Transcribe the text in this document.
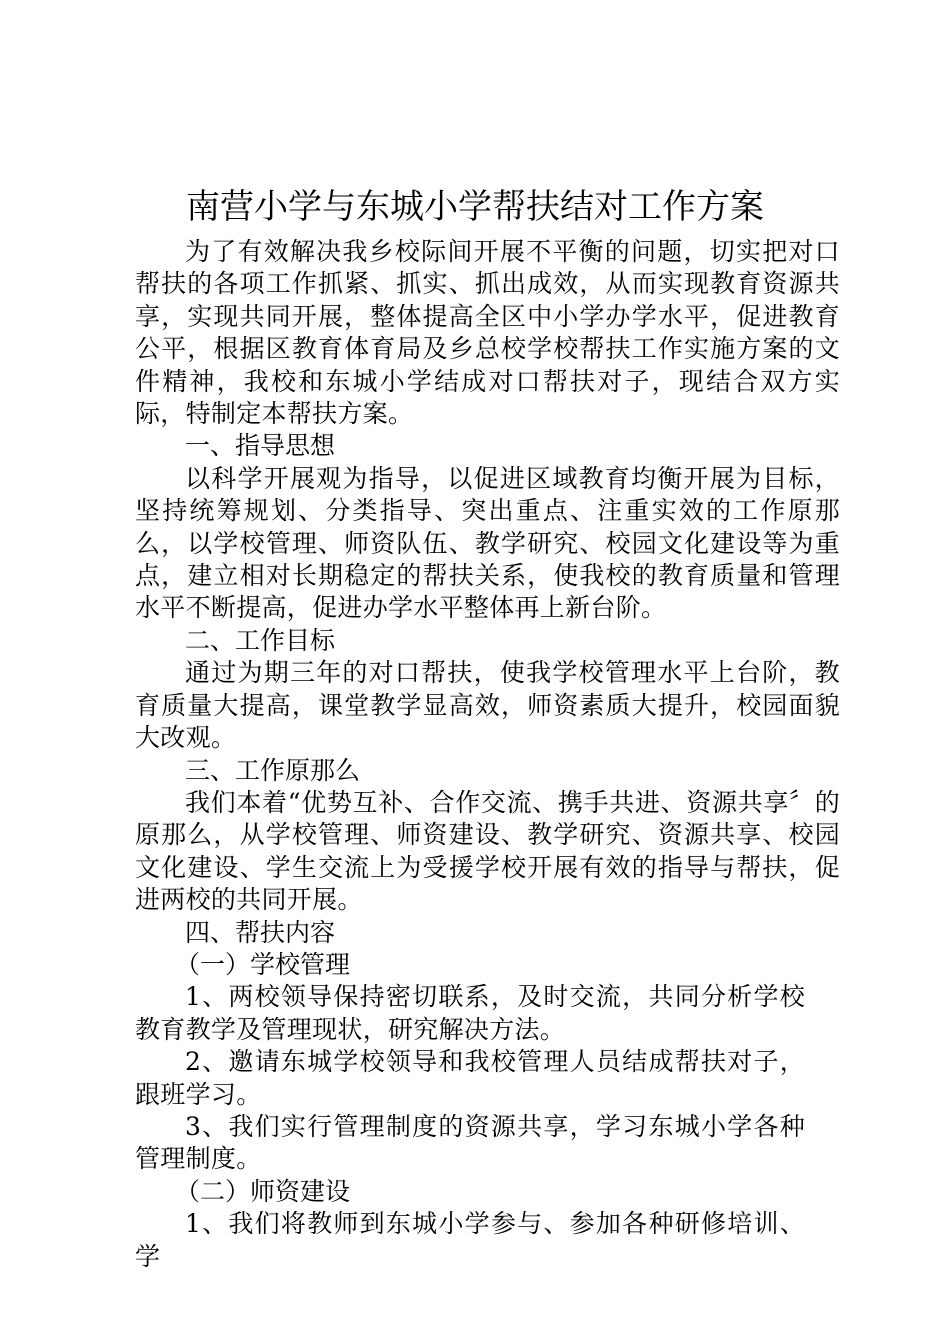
南营小学与东城小学帮扶结对工作方案

为了有效解决我乡校际间开展不平衡的问题，切实把对口帮扶的各项工作抓紧、抓实、抓出成效，从而实现教育资源共享，实现共同开展，整体提高全区中小学办学水平，促进教育公平，根据区教育体育局及乡总校学校帮扶工作实施方案的文件精神，我校和东城小学结成对口帮扶对子，现结合双方实际，特制定本帮扶方案。

一、指导思想

以科学开展观为指导，以促进区域教育均衡开展为目标，坚持统筹规划、分类指导、突出重点、注重实效的工作原那么，以学校管理、师资队伍、教学研究、校园文化建设等为重点，建立相对长期稳定的帮扶关系，使我校的教育质量和管理水平不断提高，促进办学水平整体再上新台阶。

二、工作目标

通过为期三年的对口帮扶，使我学校管理水平上台阶，教育质量大提高，课堂教学显高效，师资素质大提升，校园面貌大改观。

三、工作原那么

我们本着“优势互补、合作交流、携手共进、资源共享〞的原那么，从学校管理、师资建设、教学研究、资源共享、校园文化建设、学生交流上为受援学校开展有效的指导与帮扶，促进两校的共同开展。

四、帮扶内容

（一）学校管理

1、两校领导保持密切联系，及时交流，共同分析学校教育教学及管理现状，研究解决方法。

2、邀请东城学校领导和我校管理人员结成帮扶对子，跟班学习。

3、我们实行管理制度的资源共享，学习东城小学各种管理制度。

（二）师资建设

1、我们将教师到东城小学参与、参加各种研修培训、学
